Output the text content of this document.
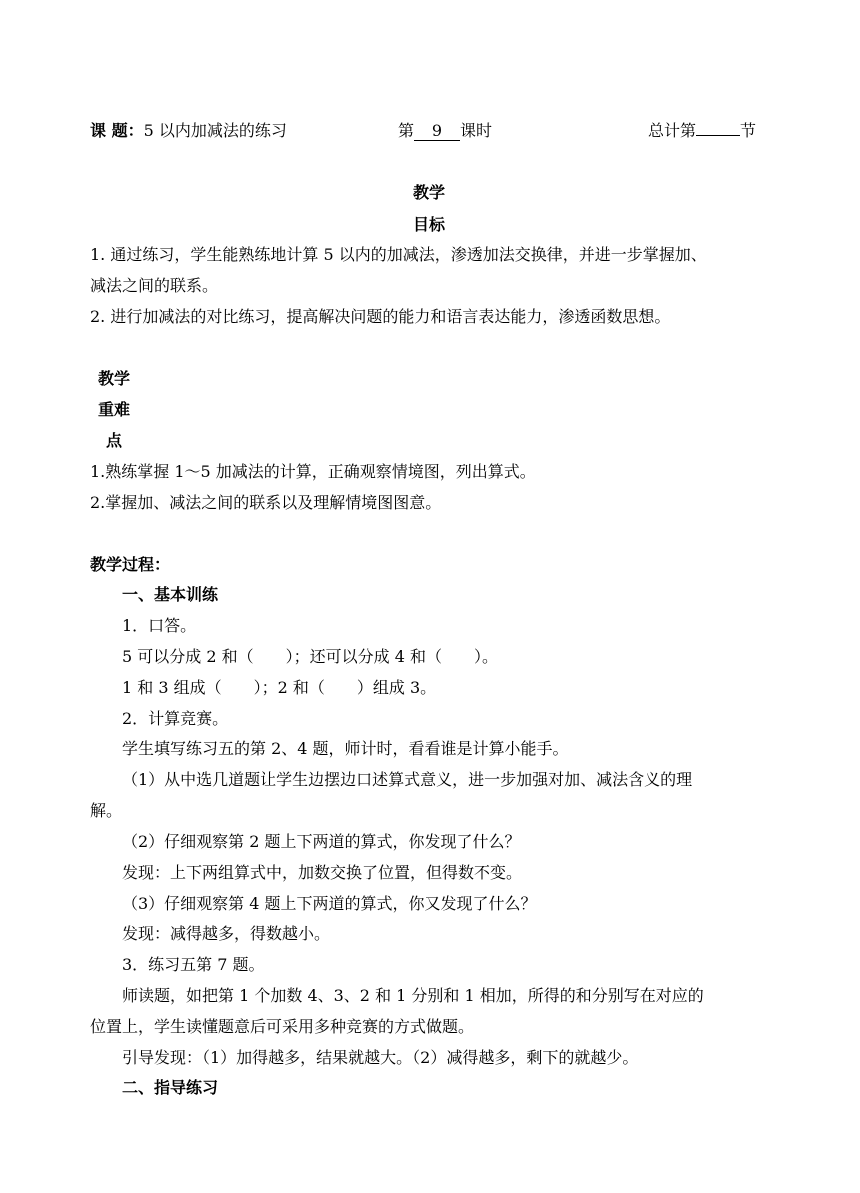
课 题：5 以内加减法的练习	第 9 课时	总计第	节
教学
目标
1. 通过练习，学生能熟练地计算 5 以内的加减法，渗透加法交换律，并进一步掌握加、
减法之间的联系。
2. 进行加减法的对比练习，提高解决问题的能力和语言表达能力，渗透函数思想。
教学
重难
点
1.熟练掌握 1～5 加减法的计算，正确观察情境图，列出算式。
2.掌握加、减法之间的联系以及理解情境图图意。
教学过程：
一、基本训练
1．口答。
5 可以分成 2 和（　　）；还可以分成 4 和（　　）。
1 和 3 组成（　　）；2 和（　　）组成 3。
2．计算竞赛。
学生填写练习五的第 2、4 题，师计时，看看谁是计算小能手。
（1）从中选几道题让学生边摆边口述算式意义，进一步加强对加、减法含义的理
解。
（2）仔细观察第 2 题上下两道的算式，你发现了什么？
发现：上下两组算式中，加数交换了位置，但得数不变。
（3）仔细观察第 4 题上下两道的算式，你又发现了什么？
发现：减得越多，得数越小。
3．练习五第 7 题。
师读题，如把第 1 个加数 4、3、2 和 1 分别和 1 相加，所得的和分别写在对应的
位置上，学生读懂题意后可采用多种竞赛的方式做题。
引导发现：（1）加得越多，结果就越大。（2）减得越多，剩下的就越少。
二、指导练习
